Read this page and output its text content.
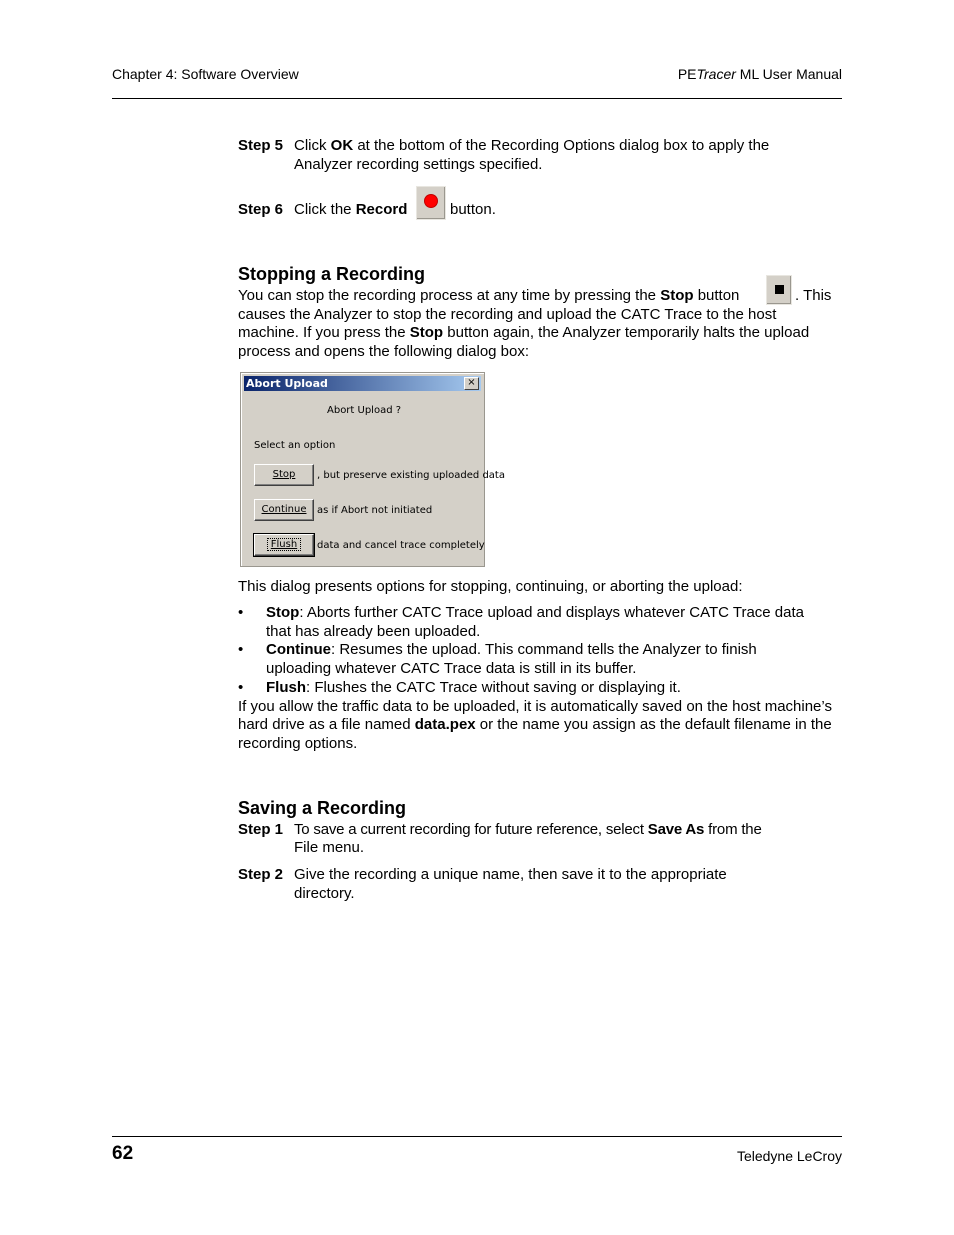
Chapter 4: Software Overview	PETracer ML User Manual
Step 5 Click OK at the bottom of the Recording Options dialog box to apply the
Analyzer recording settings specified.
Step 6 Click the Record	button.
Stopping a Recording
You can stop the recording process at any time by pressing the Stop button	. This
causes the Analyzer to stop the recording and upload the CATC Trace to the host
machine. If you press the Stop button again, the Analyzer temporarily halts the upload
process and opens the following dialog box:
Abort Upload	×
Abort Upload ?
Select an option
Stop	, but preserve existing uploaded data
Continue	as if Abort not initiated
Flush	data and cancel trace completely
This dialog presents options for stopping, continuing, or aborting the upload:
• Stop: Aborts further CATC Trace upload and displays whatever CATC Trace data
that has already been uploaded.
• Continue: Resumes the upload. This command tells the Analyzer to finish
uploading whatever CATC Trace data is still in its buffer.
• Flush: Flushes the CATC Trace without saving or displaying it.
If you allow the traffic data to be uploaded, it is automatically saved on the host machine’s
hard drive as a file named data.pex or the name you assign as the default filename in the
recording options.
Saving a Recording
Step 1 To save a current recording for future reference, select Save As from the
File menu.
Step 2 Give the recording a unique name, then save it to the appropriate
directory.
62	Teledyne LeCroy
